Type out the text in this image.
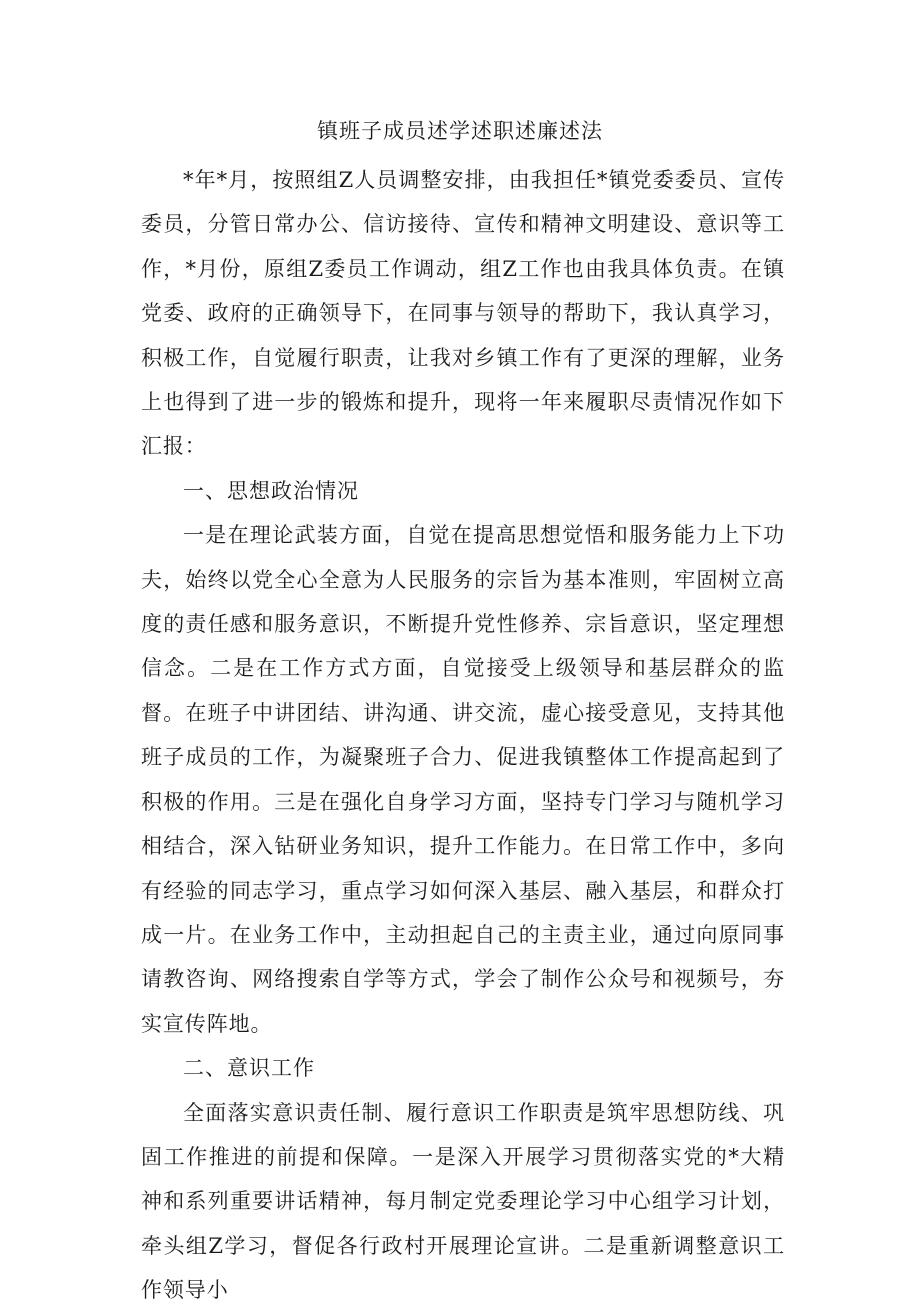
镇班子成员述学述职述廉述法

*年*月，按照组Z人员调整安排，由我担任*镇党委委员、宣传委员，分管日常办公、信访接待、宣传和精神文明建设、意识等工作，*月份，原组Z委员工作调动，组Z工作也由我具体负责。在镇党委、政府的正确领导下，在同事与领导的帮助下，我认真学习，积极工作，自觉履行职责，让我对乡镇工作有了更深的理解，业务上也得到了进一步的锻炼和提升，现将一年来履职尽责情况作如下汇报：

一、思想政治情况

一是在理论武装方面，自觉在提高思想觉悟和服务能力上下功夫，始终以党全心全意为人民服务的宗旨为基本准则，牢固树立高度的责任感和服务意识，不断提升党性修养、宗旨意识，坚定理想信念。二是在工作方式方面，自觉接受上级领导和基层群众的监督。在班子中讲团结、讲沟通、讲交流，虚心接受意见，支持其他班子成员的工作，为凝聚班子合力、促进我镇整体工作提高起到了积极的作用。三是在强化自身学习方面，坚持专门学习与随机学习相结合，深入钻研业务知识，提升工作能力。在日常工作中，多向有经验的同志学习，重点学习如何深入基层、融入基层，和群众打成一片。在业务工作中，主动担起自己的主责主业，通过向原同事请教咨询、网络搜索自学等方式，学会了制作公众号和视频号，夯实宣传阵地。

二、意识工作

全面落实意识责任制、履行意识工作职责是筑牢思想防线、巩固工作推进的前提和保障。一是深入开展学习贯彻落实党的*大精神和系列重要讲话精神，每月制定党委理论学习中心组学习计划，牵头组Z学习，督促各行政村开展理论宣讲。二是重新调整意识工作领导小
